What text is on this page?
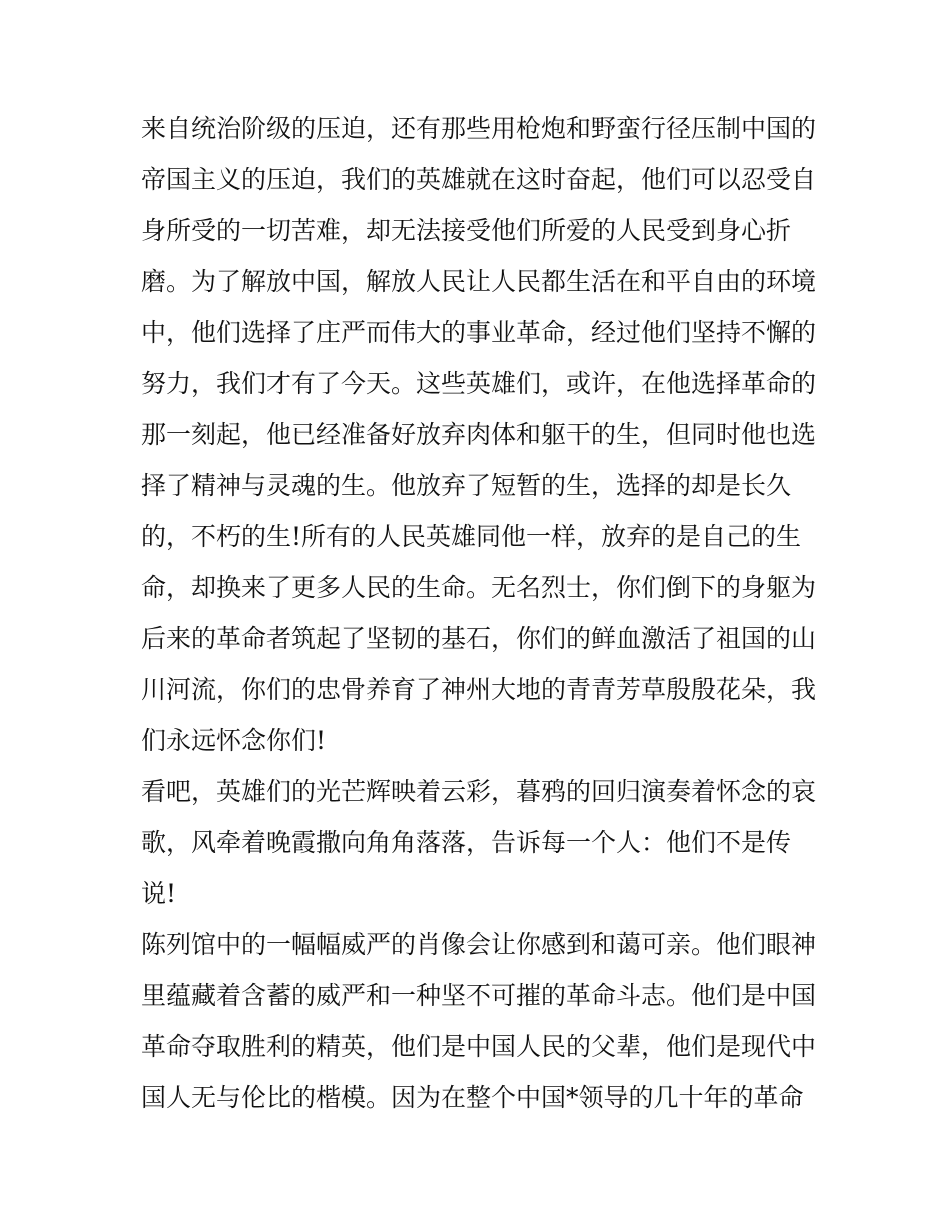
来自统治阶级的压迫，还有那些用枪炮和野蛮行径压制中国的
帝国主义的压迫，我们的英雄就在这时奋起，他们可以忍受自
身所受的一切苦难，却无法接受他们所爱的人民受到身心折
磨。为了解放中国，解放人民让人民都生活在和平自由的环境
中，他们选择了庄严而伟大的事业革命，经过他们坚持不懈的
努力，我们才有了今天。这些英雄们，或许，在他选择革命的
那一刻起，他已经准备好放弃肉体和躯干的生，但同时他也选
择了精神与灵魂的生。他放弃了短暂的生，选择的却是长久
的，不朽的生!所有的人民英雄同他一样，放弃的是自己的生
命，却换来了更多人民的生命。无名烈士，你们倒下的身躯为
后来的革命者筑起了坚韧的基石，你们的鲜血激活了祖国的山
川河流，你们的忠骨养育了神州大地的青青芳草殷殷花朵，我
们永远怀念你们!
看吧，英雄们的光芒辉映着云彩，暮鸦的回归演奏着怀念的哀
歌，风牵着晚霞撒向角角落落，告诉每一个人：他们不是传
说!
陈列馆中的一幅幅威严的肖像会让你感到和蔼可亲。他们眼神
里蕴藏着含蓄的威严和一种坚不可摧的革命斗志。他们是中国
革命夺取胜利的精英，他们是中国人民的父辈，他们是现代中
国人无与伦比的楷模。因为在整个中国*领导的几十年的革命
